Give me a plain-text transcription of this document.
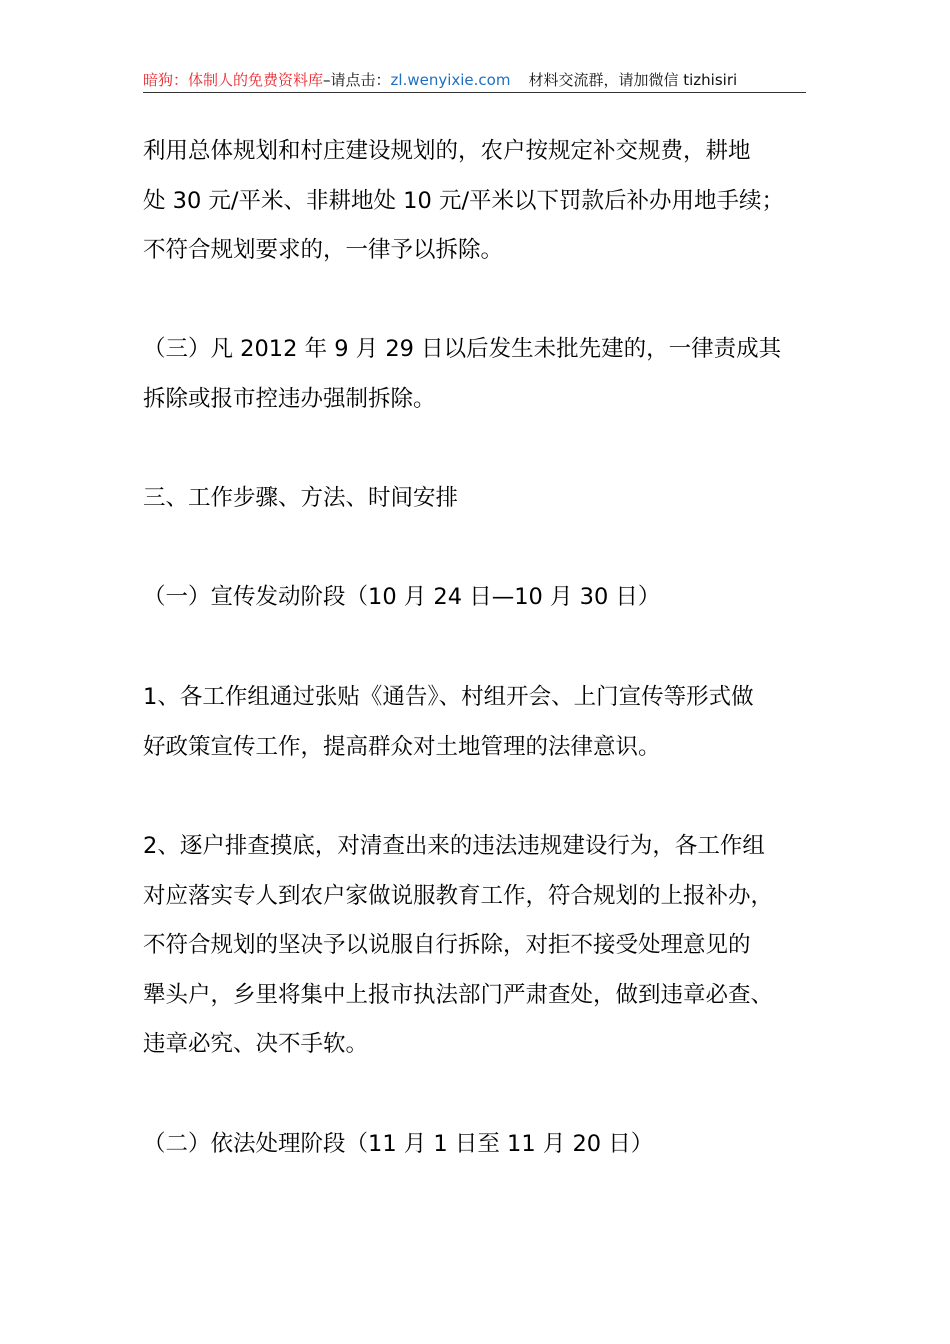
暗狗：体制人的免费资料库–请点击：zl.wenyixie.com 材料交流群，请加微信 tizhisiri
利用总体规划和村庄建设规划的，农户按规定补交规费，耕地
处 30 元/平米、非耕地处 10 元/平米以下罚款后补办用地手续；
不符合规划要求的，一律予以拆除。
（三）凡 2012 年 9 月 29 日以后发生未批先建的，一律责成其
拆除或报市控违办强制拆除。
三、工作步骤、方法、时间安排
（一）宣传发动阶段（10 月 24 日—10 月 30 日）
1、各工作组通过张贴《通告》、村组开会、上门宣传等形式做
好政策宣传工作，提高群众对土地管理的法律意识。
2、逐户排查摸底，对清查出来的违法违规建设行为，各工作组
对应落实专人到农户家做说服教育工作，符合规划的上报补办，
不符合规划的坚决予以说服自行拆除，对拒不接受处理意见的
犟头户，乡里将集中上报市执法部门严肃查处，做到违章必查、
违章必究、决不手软。
（二）依法处理阶段（11 月 1 日至 11 月 20 日）
